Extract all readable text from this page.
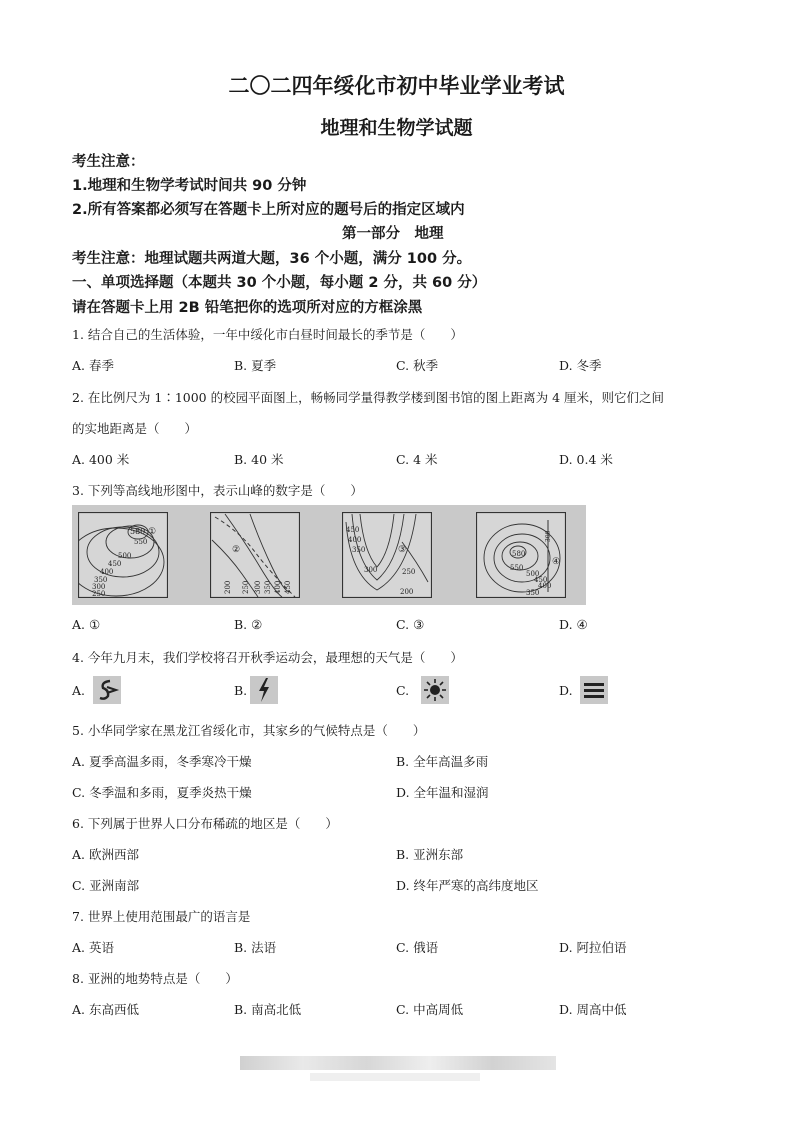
二〇二四年绥化市初中毕业学业考试
地理和生物学试题
考生注意：
1.地理和生物学考试时间共 90 分钟
2.所有答案都必须写在答题卡上所对应的题号后的指定区域内
第一部分　地理
考生注意：地理试题共两道大题，36 个小题，满分 100 分。
一、单项选择题（本题共 30 个小题，每小题 2 分，共 60 分）
请在答题卡上用 2B 铅笔把你的选项所对应的方框涂黑
1. 结合自己的生活体验，一年中绥化市白昼时间最长的季节是（　　）
A. 春季	B. 夏季	C. 秋季	D. 冬季
2. 在比例尺为 1∶1000 的校园平面图上，畅畅同学量得教学楼到图书馆的图上距离为 4 厘米，则它们之间
的实地距离是（　　）
A. 400 米	B. 40 米	C. 4 米	D. 0.4 米
3. 下列等高线地形图中，表示山峰的数字是（　　）
580 ①
550
500
450
400
350
300
250
②
200 250 300 350 400 450
450
400
350
300
③
250
200
580
550
500
450
400
350
300
④
A. ①	B. ②	C. ③	D. ④
4. 今年九月末，我们学校将召开秋季运动会，最理想的天气是（　　）
A.	B.	C.	D.
5. 小华同学家在黑龙江省绥化市，其家乡的气候特点是（　　）
A. 夏季高温多雨，冬季寒冷干燥	B. 全年高温多雨
C. 冬季温和多雨，夏季炎热干燥	D. 全年温和湿润
6. 下列属于世界人口分布稀疏的地区是（　　）
A. 欧洲西部	B. 亚洲东部
C. 亚洲南部	D. 终年严寒的高纬度地区
7. 世界上使用范围最广的语言是
A. 英语	B. 法语	C. 俄语	D. 阿拉伯语
8. 亚洲的地势特点是（　　）
A. 东高西低	B. 南高北低	C. 中高周低	D. 周高中低
